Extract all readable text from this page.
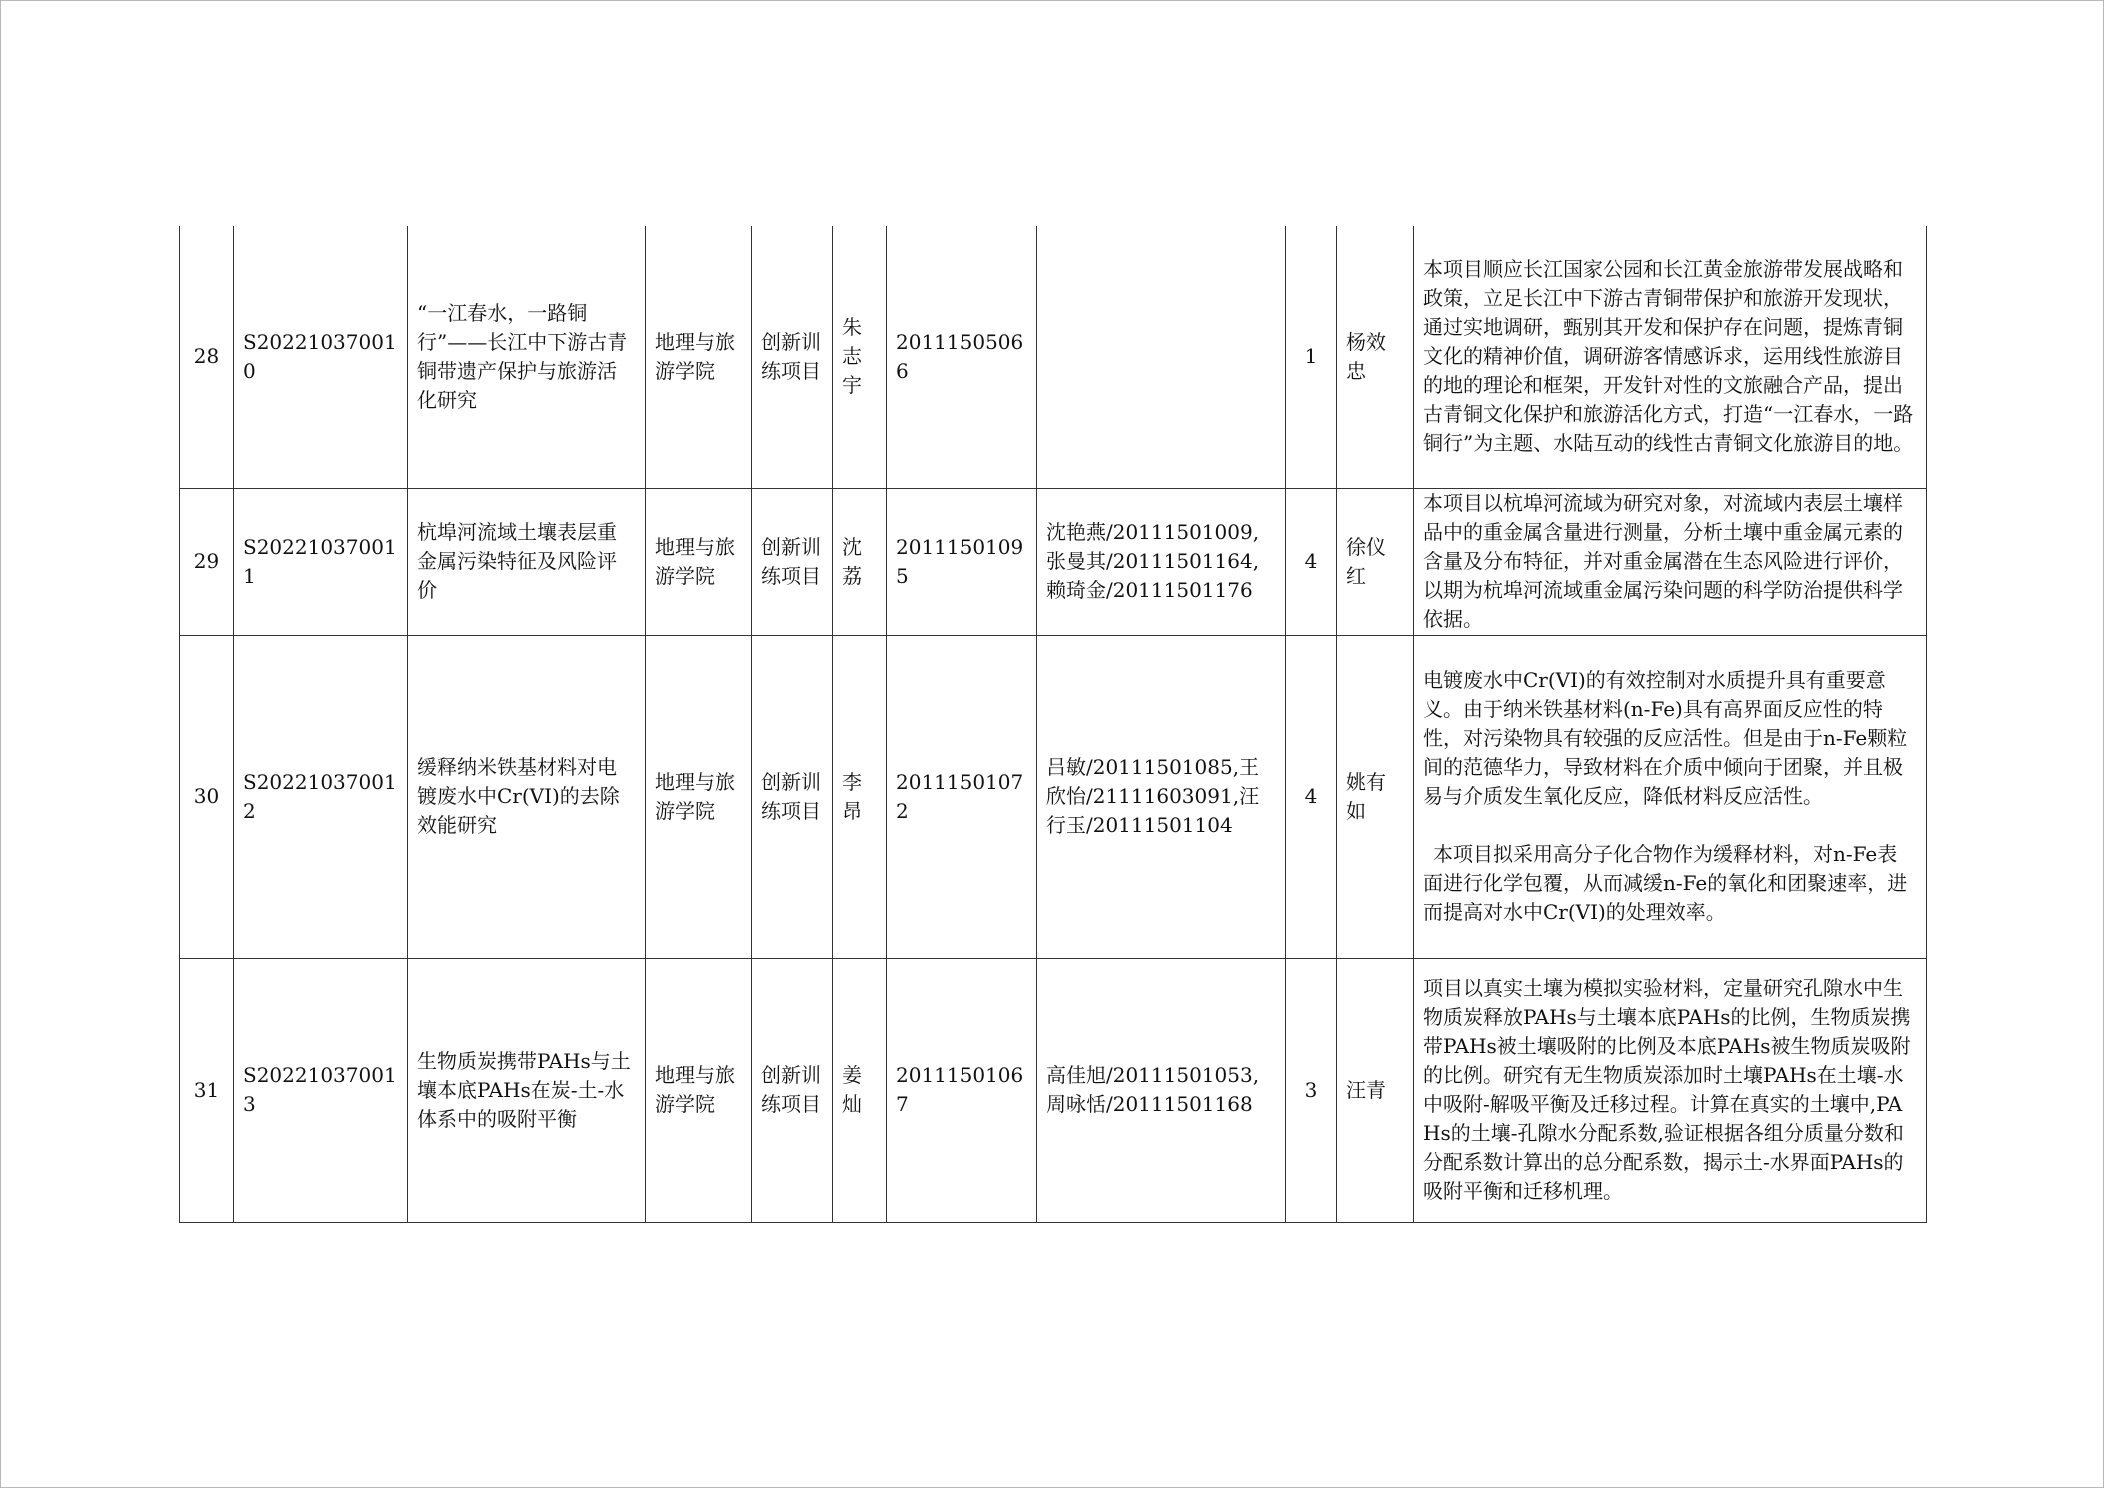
28	S202210370010	“一江春水，一路铜行”——长江中下游古青铜带遗产保护与旅游活化研究	地理与旅游学院	创新训练项目	朱志宇	20111505066		1	杨效忠	本项目顺应长江国家公园和长江黄金旅游带发展战略和政策，立足长江中下游古青铜带保护和旅游开发现状，通过实地调研，甄别其开发和保护存在问题，提炼青铜文化的精神价值，调研游客情感诉求，运用线性旅游目的地的理论和框架，开发针对性的文旅融合产品，提出古青铜文化保护和旅游活化方式，打造“一江春水，一路铜行”为主题、水陆互动的线性古青铜文化旅游目的地。

29	S202210370011	杭埠河流域土壤表层重金属污染特征及风险评价	地理与旅游学院	创新训练项目	沈荔	20111501095	沈艳燕/20111501009,张曼其/20111501164,赖琦金/20111501176	4	徐仪红	本项目以杭埠河流域为研究对象，对流域内表层土壤样品中的重金属含量进行测量，分析土壤中重金属元素的含量及分布特征，并对重金属潜在生态风险进行评价，以期为杭埠河流域重金属污染问题的科学防治提供科学依据。

30	S202210370012	缓释纳米铁基材料对电镀废水中Cr(VI)的去除效能研究	地理与旅游学院	创新训练项目	李昂	20111501072	吕敏/20111501085,王欣怡/21111603091,汪行玉/20111501104	4	姚有如	电镀废水中Cr(VI)的有效控制对水质提升具有重要意义。由于纳米铁基材料(n-Fe)具有高界面反应性的特性，对污染物具有较强的反应活性。但是由于n-Fe颗粒间的范德华力，导致材料在介质中倾向于团聚，并且极易与介质发生氧化反应，降低材料反应活性。

本项目拟采用高分子化合物作为缓释材料，对n-Fe表面进行化学包覆，从而减缓n-Fe的氧化和团聚速率，进而提高对水中Cr(VI)的处理效率。

31	S202210370013	生物质炭携带PAHs与土壤本底PAHs在炭-土-水体系中的吸附平衡	地理与旅游学院	创新训练项目	姜灿	20111501067	高佳旭/20111501053,周咏恬/20111501168	3	汪青	项目以真实土壤为模拟实验材料，定量研究孔隙水中生物质炭释放PAHs与土壤本底PAHs的比例，生物质炭携带PAHs被土壤吸附的比例及本底PAHs被生物质炭吸附的比例。研究有无生物质炭添加时土壤PAHs在土壤-水中吸附-解吸平衡及迁移过程。计算在真实的土壤中,PAHs的土壤-孔隙水分配系数,验证根据各组分质量分数和分配系数计算出的总分配系数，揭示土-水界面PAHs的吸附平衡和迁移机理。
